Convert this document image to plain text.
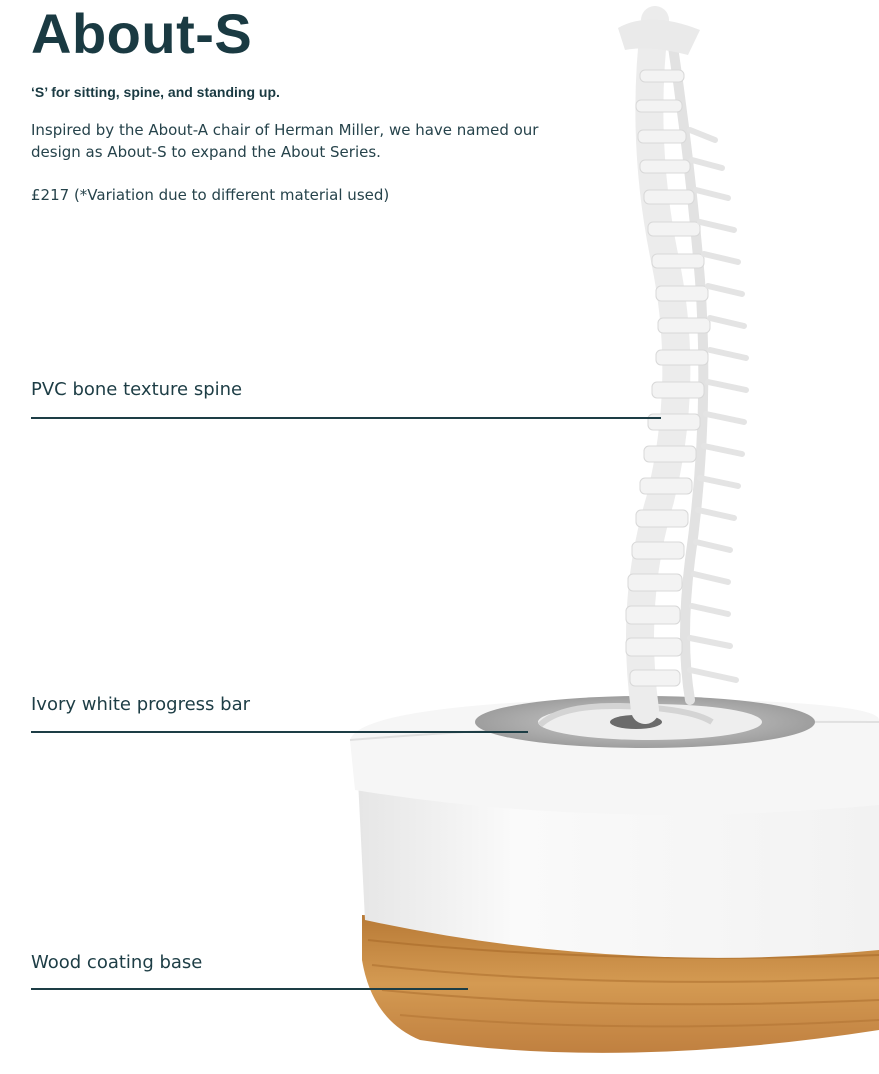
About-S
‘S’ for sitting, spine, and standing up.
Inspired by the About-A chair of Herman Miller, we have named our design as About-S to expand the About Series.
£217 (*Variation due to different material used)
PVC bone texture spine
Ivory white progress bar
Wood coating base
